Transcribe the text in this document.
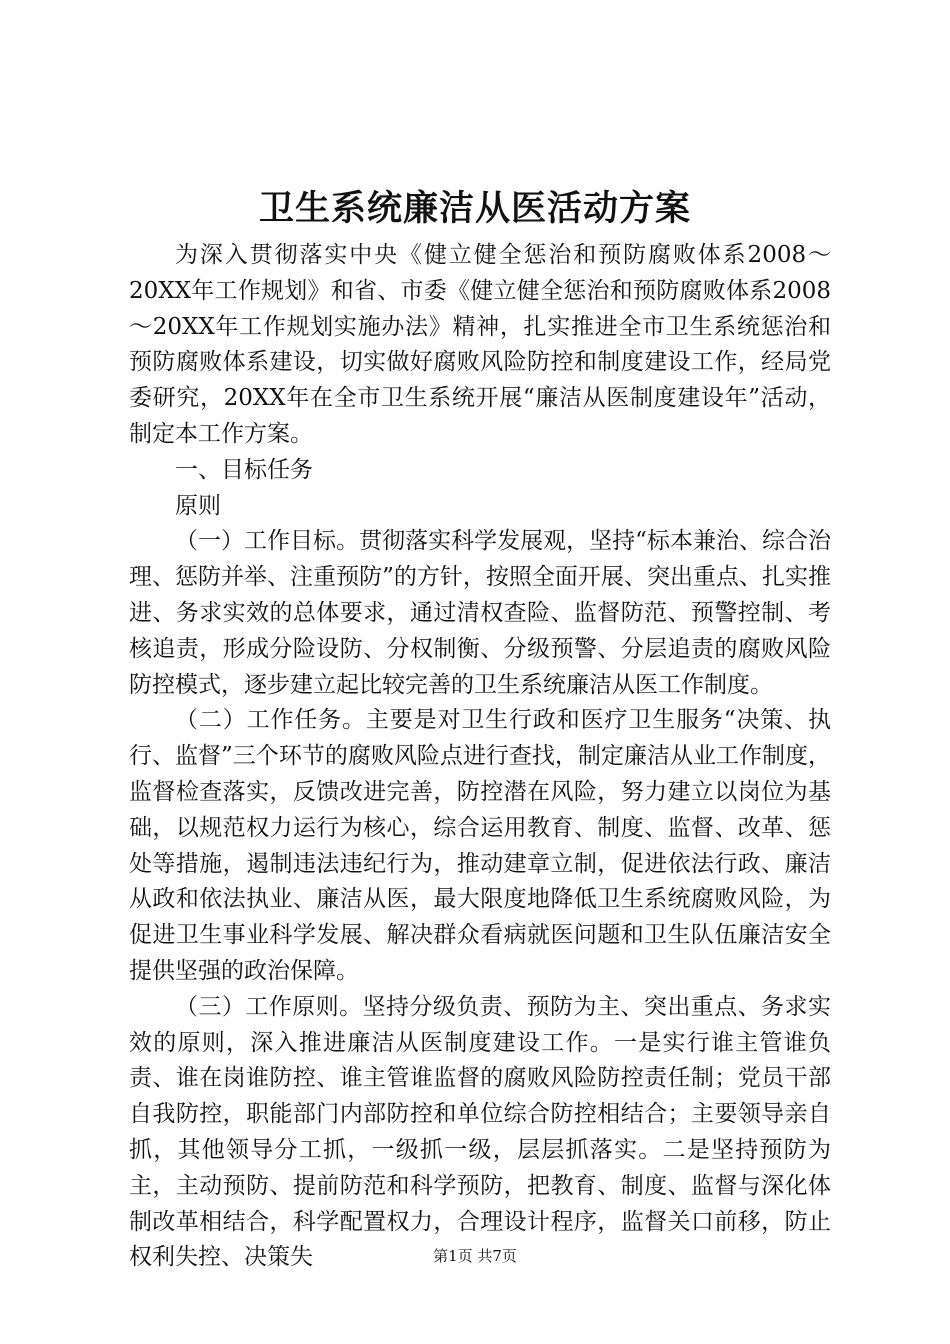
卫生系统廉洁从医活动方案

为深入贯彻落实中央《健立健全惩治和预防腐败体系2008～20XX年工作规划》和省、市委《健立健全惩治和预防腐败体系2008～20XX年工作规划实施办法》精神，扎实推进全市卫生系统惩治和预防腐败体系建设，切实做好腐败风险防控和制度建设工作，经局党委研究，20XX年在全市卫生系统开展“廉洁从医制度建设年”活动，制定本工作方案。

一、目标任务

原则

（一）工作目标。贯彻落实科学发展观，坚持“标本兼治、综合治理、惩防并举、注重预防”的方针，按照全面开展、突出重点、扎实推进、务求实效的总体要求，通过清权查险、监督防范、预警控制、考核追责，形成分险设防、分权制衡、分级预警、分层追责的腐败风险防控模式，逐步建立起比较完善的卫生系统廉洁从医工作制度。

（二）工作任务。主要是对卫生行政和医疗卫生服务“决策、执行、监督”三个环节的腐败风险点进行查找，制定廉洁从业工作制度，监督检查落实，反馈改进完善，防控潜在风险，努力建立以岗位为基础，以规范权力运行为核心，综合运用教育、制度、监督、改革、惩处等措施，遏制违法违纪行为，推动建章立制，促进依法行政、廉洁从政和依法执业、廉洁从医，最大限度地降低卫生系统腐败风险，为促进卫生事业科学发展、解决群众看病就医问题和卫生队伍廉洁安全提供坚强的政治保障。

（三）工作原则。坚持分级负责、预防为主、突出重点、务求实效的原则，深入推进廉洁从医制度建设工作。一是实行谁主管谁负责、谁在岗谁防控、谁主管谁监督的腐败风险防控责任制；党员干部自我防控，职能部门内部防控和单位综合防控相结合；主要领导亲自抓，其他领导分工抓，一级抓一级，层层抓落实。二是坚持预防为主，主动预防、提前防范和科学预防，把教育、制度、监督与深化体制改革相结合，科学配置权力，合理设计程序，监督关口前移，防止权利失控、决策失	第1页 共7页
